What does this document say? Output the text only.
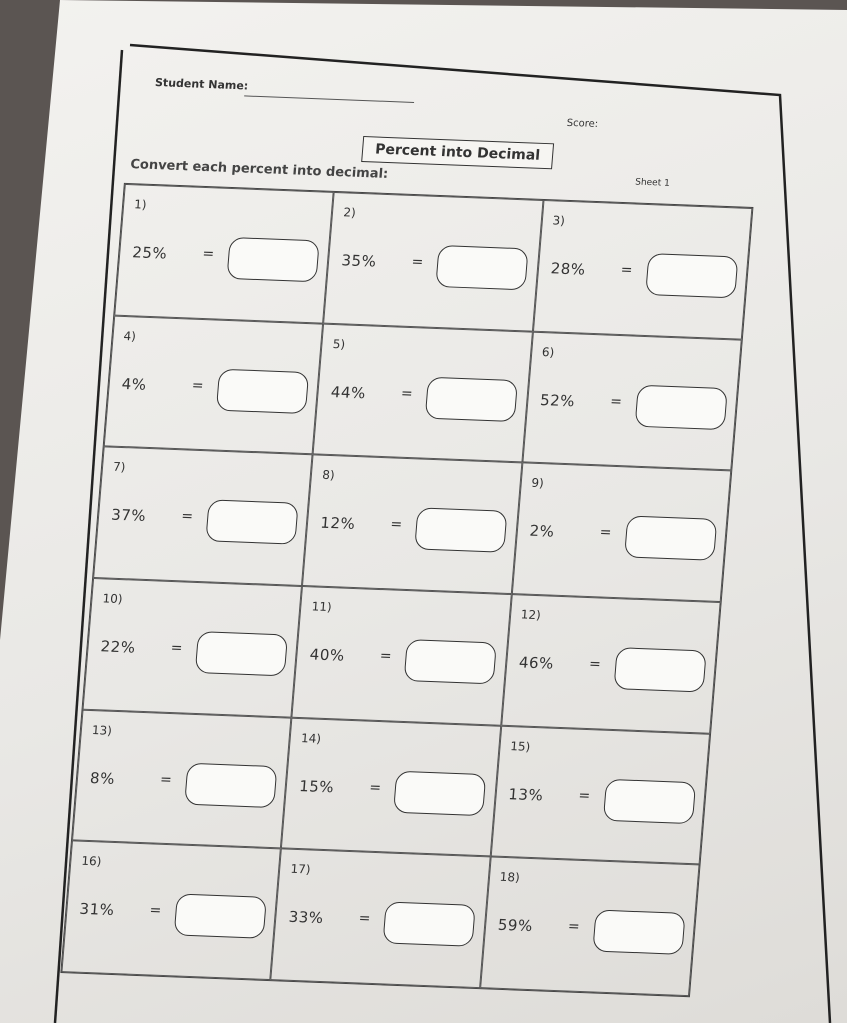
Student Name:
Score:
Percent into Decimal
Sheet 1
Convert each percent into decimal:
1)
25% =
2)
35% =
3)
28% =
4)
4%	=
5)
44% =
6)
52% =
7)
37% =
8)
12% =
9)
2%	=
10)
22% =
11)
40% =
12)
46% =
13)
8%	=
14)
15% =
15)
13% =
16)
31% =
17)
33% =
18)
59% =
